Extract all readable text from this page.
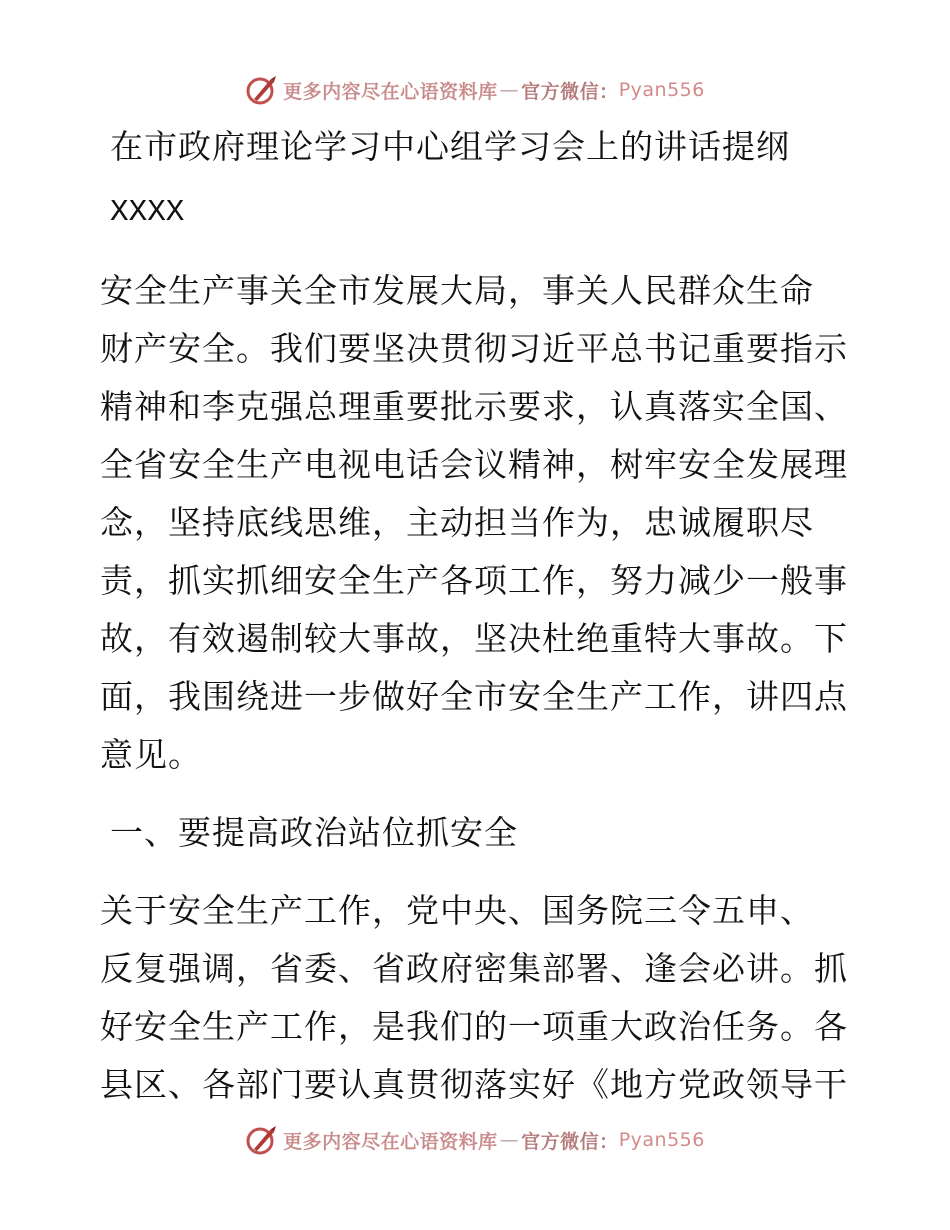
更多内容尽在心语资料库 — 官方微信： Pyan556
在市政府理论学习中心组学习会上的讲话提纲
XXXX

安全生产事关全市发展大局，事关人民群众生命
财产安全。我们要坚决贯彻习近平总书记重要指示
精神和李克强总理重要批示要求，认真落实全国、
全省安全生产电视电话会议精神，树牢安全发展理
念，坚持底线思维，主动担当作为，忠诚履职尽
责，抓实抓细安全生产各项工作，努力减少一般事
故，有效遏制较大事故，坚决杜绝重特大事故。下
面，我围绕进一步做好全市安全生产工作，讲四点
意见。

一、要提高政治站位抓安全

关于安全生产工作，党中央、国务院三令五申、
反复强调，省委、省政府密集部署、逢会必讲。抓
好安全生产工作，是我们的一项重大政治任务。各
县区、各部门要认真贯彻落实好《地方党政领导干

更多内容尽在心语资料库 — 官方微信： Pyan556
